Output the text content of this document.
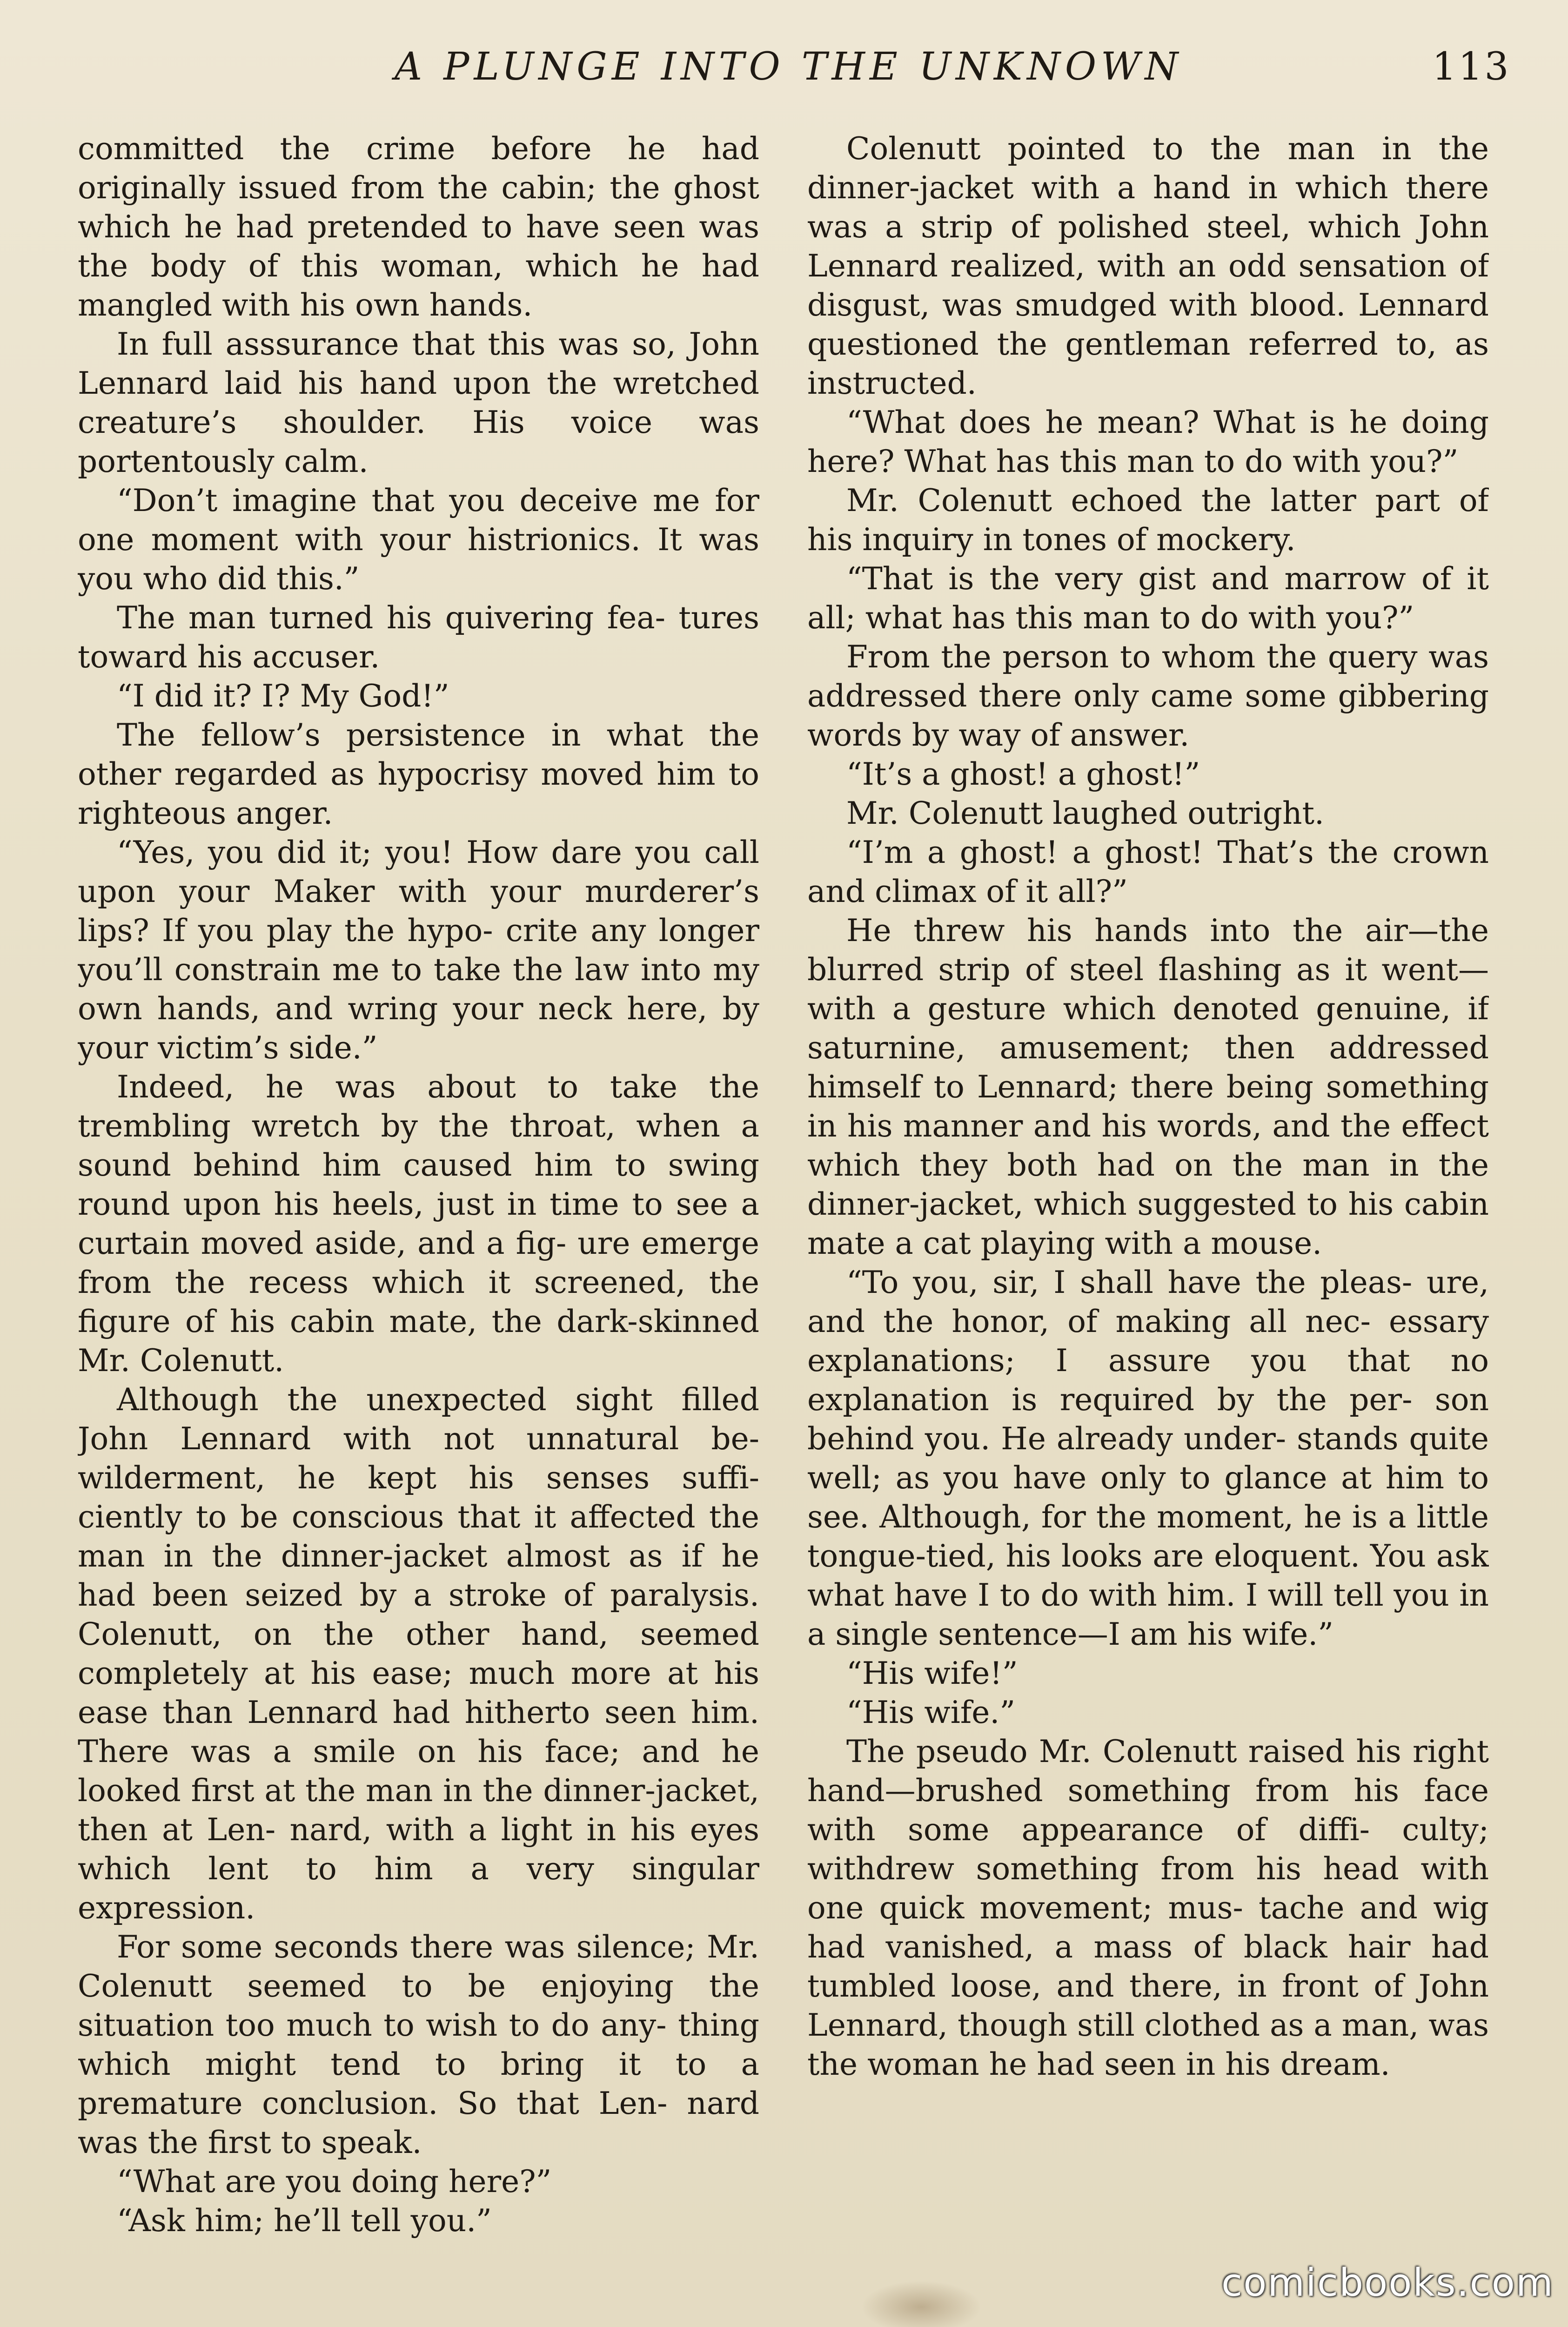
A PLUNGE INTO THE UNKNOWN	113

committed the crime before he had originally issued from the cabin; the ghost which he had pretended to have seen was the body of this woman, which he had mangled with his own hands.

In full asssurance that this was so, John Lennard laid his hand upon the wretched creature’s shoulder. His voice was portentously calm.

“Don’t imagine that you deceive me for one moment with your histrionics. It was you who did this.”

The man turned his quivering fea- tures toward his accuser.

“I did it? I? My God!”

The fellow’s persistence in what the other regarded as hypocrisy moved him to righteous anger.

“Yes, you did it; you! How dare you call upon your Maker with your murderer’s lips? If you play the hypo- crite any longer you’ll constrain me to take the law into my own hands, and wring your neck here, by your victim’s side.”

Indeed, he was about to take the trembling wretch by the throat, when a sound behind him caused him to swing round upon his heels, just in time to see a curtain moved aside, and a fig- ure emerge from the recess which it screened, the figure of his cabin mate, the dark-skinned Mr. Colenutt.

Although the unexpected sight filled John Lennard with not unnatural be- wilderment, he kept his senses suffi- ciently to be conscious that it affected the man in the dinner-jacket almost as if he had been seized by a stroke of paralysis. Colenutt, on the other hand, seemed completely at his ease; much more at his ease than Lennard had hitherto seen him. There was a smile on his face; and he looked first at the man in the dinner-jacket, then at Len- nard, with a light in his eyes which lent to him a very singular expression.

For some seconds there was silence; Mr. Colenutt seemed to be enjoying the situation too much to wish to do any- thing which might tend to bring it to a premature conclusion. So that Len- nard was the first to speak.

“What are you doing here?”

“Ask him; he’ll tell you.”

Colenutt pointed to the man in the dinner-jacket with a hand in which there was a strip of polished steel, which John Lennard realized, with an odd sensation of disgust, was smudged with blood. Lennard questioned the gentleman referred to, as instructed.

“What does he mean? What is he doing here? What has this man to do with you?”

Mr. Colenutt echoed the latter part of his inquiry in tones of mockery.

“That is the very gist and marrow of it all; what has this man to do with you?”

From the person to whom the query was addressed there only came some gibbering words by way of answer.

“It’s a ghost! a ghost!”

Mr. Colenutt laughed outright.

“I’m a ghost! a ghost! That’s the crown and climax of it all?”

He threw his hands into the air—the blurred strip of steel flashing as it went—with a gesture which denoted genuine, if saturnine, amusement; then addressed himself to Lennard; there being something in his manner and his words, and the effect which they both had on the man in the dinner-jacket, which suggested to his cabin mate a cat playing with a mouse.

“To you, sir, I shall have the pleas- ure, and the honor, of making all nec- essary explanations; I assure you that no explanation is required by the per- son behind you. He already under- stands quite well; as you have only to glance at him to see. Although, for the moment, he is a little tongue-tied, his looks are eloquent. You ask what have I to do with him. I will tell you in a single sentence—I am his wife.”

“His wife!”

“His wife.”

The pseudo Mr. Colenutt raised his right hand—brushed something from his face with some appearance of diffi- culty; withdrew something from his head with one quick movement; mus- tache and wig had vanished, a mass of black hair had tumbled loose, and there, in front of John Lennard, though still clothed as a man, was the woman he had seen in his dream.

comicbooks.com
